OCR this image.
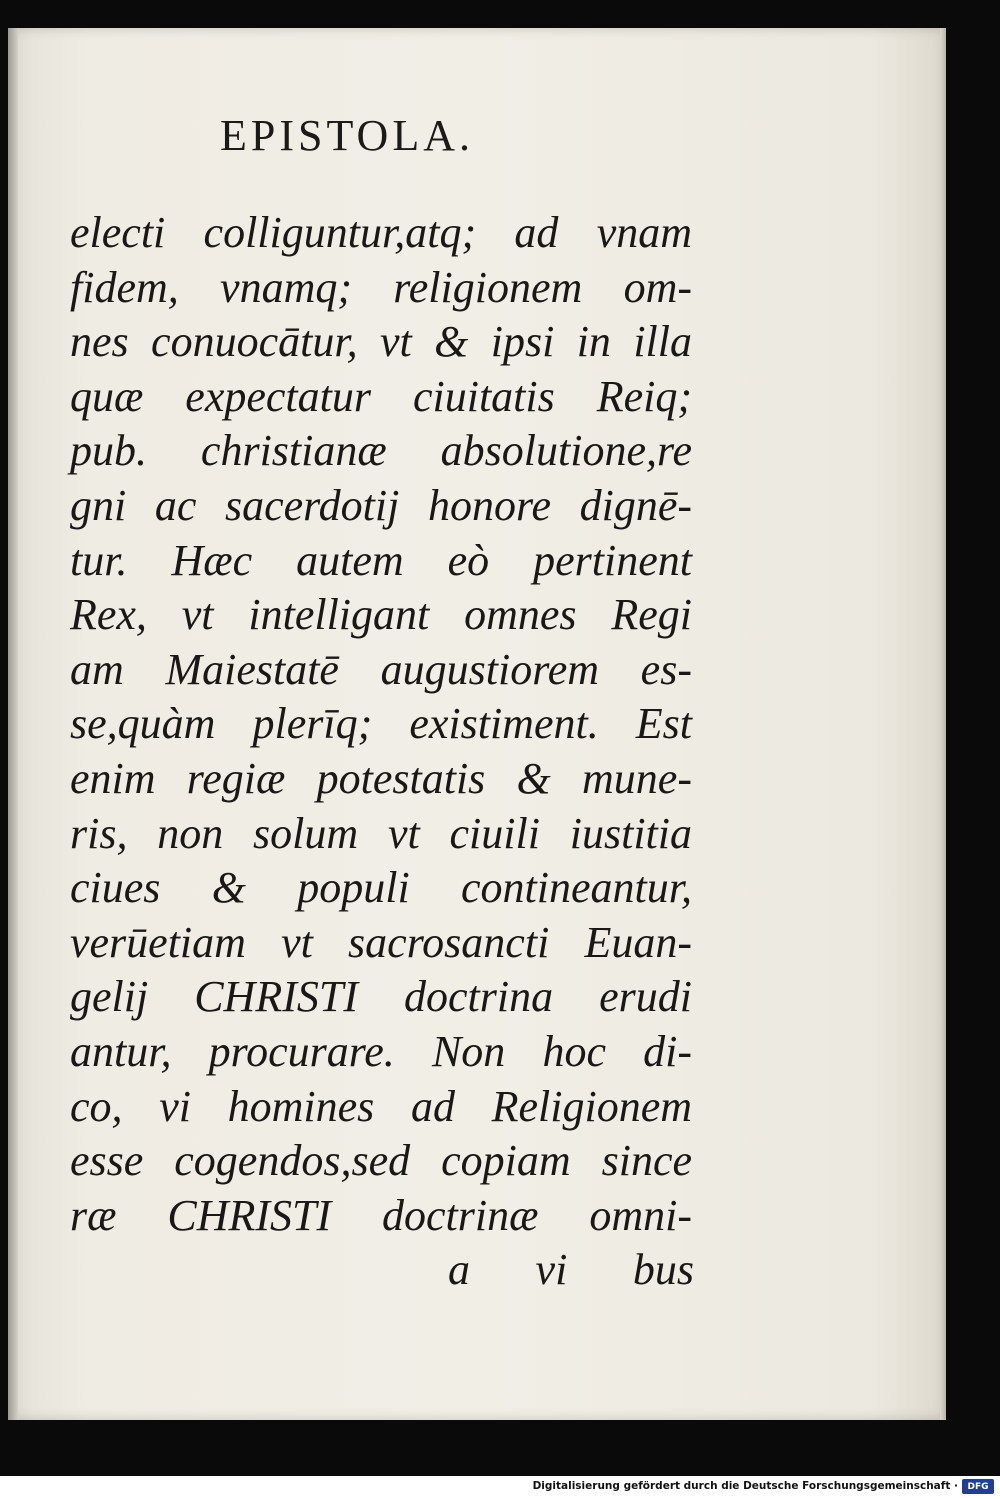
EPISTOLA.
electi colliguntur,atq; ad vnam
fidem, vnamq; religionem om-
nes conuocātur, vt & ipsi in illa
quæ expectatur ciuitatis Reiq;
pub. christianæ absolutione,re
gni ac sacerdotij honore dignē-
tur. Hæc autem eò pertinent
Rex, vt intelligant omnes Regi
am Maiestatē augustiorem es-
se,quàm plerīq; existiment. Est
enim regiæ potestatis & mune-
ris, non solum vt ciuili iustitia
ciues & populi contineantur,
verūetiam vt sacrosancti Euan-
gelij CHRISTI doctrina erudi
antur, procurare. Non hoc di-
co, vi homines ad Religionem
esse cogendos,sed copiam since
ræ CHRISTI doctrinæ omni-
a vi bus
Digitalisierung gefördert durch die Deutsche Forschungsgemeinschaft ·	DFG
